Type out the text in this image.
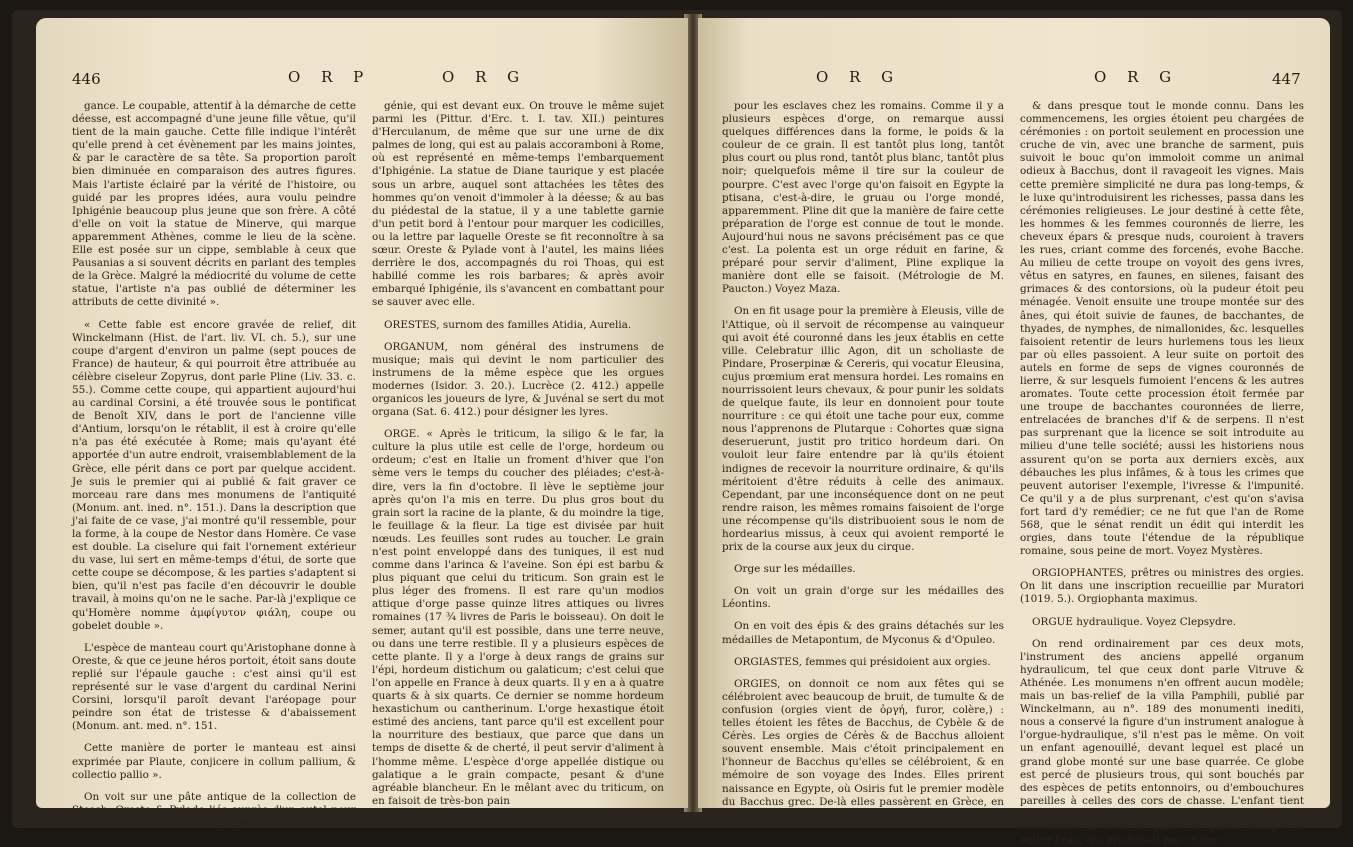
446	O R P	O R G

gance. Le coupable, attentif à la démarche de cette déesse, est accompagné d'une jeune fille vêtue, qu'il tient de la main gauche. Cette fille indique l'intérêt qu'elle prend à cet évènement par les mains jointes, & par le caractère de sa tête. Sa proportion paroît bien diminuée en comparaison des autres figures. Mais l'artiste éclairé par la vérité de l'histoire, ou guidé par les propres idées, aura voulu peindre Iphigénie beaucoup plus jeune que son frère. A côté d'elle on voit la statue de Minerve, qui marque apparemment Athènes, comme le lieu de la scène. Elle est posée sur un cippe, semblable à ceux que Pausanias a si souvent décrits en parlant des temples de la Grèce. Malgré la médiocrité du volume de cette statue, l'artiste n'a pas oublié de déterminer les attributs de cette divinité ».

« Cette fable est encore gravée de relief, dit Winckelmann (Hist. de l'art. liv. VI. ch. 5.), sur une coupe d'argent d'environ un palme (sept pouces de France) de hauteur, & qui pourroit être attribuée au célèbre ciseleur Zopyrus, dont parle Pline (Liv. 33. c. 55.). Comme cette coupe, qui appartient aujourd'hui au cardinal Corsini, a été trouvée sous le pontificat de Benoît XIV, dans le port de l'ancienne ville d'Antium, lorsqu'on le rétablit, il est à croire qu'elle n'a pas été exécutée à Rome; mais qu'ayant été apportée d'un autre endroit, vraisemblablement de la Grèce, elle périt dans ce port par quelque accident. Je suis le premier qui ai publié & fait graver ce morceau rare dans mes monumens de l'antiquité (Monum. ant. ined. n°. 151.). Dans la description que j'ai faite de ce vase, j'ai montré qu'il ressemble, pour la forme, à la coupe de Nestor dans Homère. Ce vase est double. La ciselure qui fait l'ornement extérieur du vase, lui sert en même-temps d'étui, de sorte que cette coupe se décompose, & les parties s'adaptent si bien, qu'il n'est pas facile d'en découvrir le double travail, à moins qu'on ne le sache. Par-là j'explique ce qu'Homère nomme ἀμφίγυτον φιάλη, coupe ou gobelet double ».

L'espèce de manteau court qu'Aristophane donne à Oreste, & que ce jeune héros portoit, étoit sans doute replié sur l'épaule gauche : c'est ainsi qu'il est représenté sur le vase d'argent du cardinal Nerini Corsini, lorsqu'il paroît devant l'aréopage pour peindre son état de tristesse & d'abaissement (Monum. ant. med. n°. 151.

Cette manière de porter le manteau est ainsi exprimée par Plaute, conjicere in collum pallium, & collectio pallio ».

On voit sur une pâte antique de la collection de Stosch, Oreste & Pylade liés auprès d'un autel pour être sacrifiés à Diane taurique par Iphi-

génie, qui est devant eux. On trouve le même sujet parmi les (Pittur. d'Erc. t. I. tav. XII.) peintures d'Herculanum, de même que sur une urne de dix palmes de long, qui est au palais accoramboni à Rome, où est représenté en même-temps l'embarquement d'Iphigénie. La statue de Diane taurique y est placée sous un arbre, auquel sont attachées les têtes des hommes qu'on venoit d'immoler à la déesse; & au bas du piédestal de la statue, il y a une tablette garnie d'un petit bord à l'entour pour marquer les codicilles, ou la lettre par laquelle Oreste se fit reconnoître à sa sœur. Oreste & Pylade vont à l'autel, les mains liées derrière le dos, accompagnés du roi Thoas, qui est habillé comme les rois barbares; & après avoir embarqué Iphigénie, ils s'avancent en combattant pour se sauver avec elle.

ORESTES, surnom des familles Atidia, Aurelia.

ORGANUM, nom général des instrumens de musique; mais qui devint le nom particulier des instrumens de la même espèce que les orgues modernes (Isidor. 3. 20.). Lucrèce (2. 412.) appelle organicos les joueurs de lyre, & Juvénal se sert du mot organa (Sat. 6. 412.) pour désigner les lyres.

ORGE. « Après le triticum, la siligo & le far, la culture la plus utile est celle de l'orge, hordeum ou ordeum; c'est en Italie un froment d'hiver que l'on sème vers le temps du coucher des pléiades; c'est-à-dire, vers la fin d'octobre. Il lève le septième jour après qu'on l'a mis en terre. Du plus gros bout du grain sort la racine de la plante, & du moindre la tige, le feuillage & la fleur. La tige est divisée par huit nœuds. Les feuilles sont rudes au toucher. Le grain n'est point enveloppé dans des tuniques, il est nud comme dans l'arinca & l'aveine. Son épi est barbu & plus piquant que celui du triticum. Son grain est le plus léger des fromens. Il est rare qu'un modios attique d'orge passe quinze litres attiques ou livres romaines (17 ¾ livres de Paris le boisseau). On doit le semer, autant qu'il est possible, dans une terre neuve, ou dans une terre restible. Il y a plusieurs espèces de cette plante. Il y a l'orge à deux rangs de grains sur l'épi, hordeum distichum ou galaticum; c'est celui que l'on appelle en France à deux quarts. Il y en a à quatre quarts & à six quarts. Ce dernier se nomme hordeum hexastichum ou cantherinum. L'orge hexastique étoit estimé des anciens, tant parce qu'il est excellent pour la nourriture des bestiaux, que parce que dans un temps de disette & de cherté, il peut servir d'aliment à l'homme même. L'espèce d'orge appellée distique ou galatique a le grain compacte, pesant & d'une agréable blancheur. En le mêlant avec du triticum, on en faisoit de très-bon pain

O R G	O R G	447

pour les esclaves chez les romains. Comme il y a plusieurs espèces d'orge, on remarque aussi quelques différences dans la forme, le poids & la couleur de ce grain. Il est tantôt plus long, tantôt plus court ou plus rond, tantôt plus blanc, tantôt plus noir; quelquefois même il tire sur la couleur de pourpre. C'est avec l'orge qu'on faisoit en Egypte la ptisana, c'est-à-dire, le gruau ou l'orge mondé, apparemment. Pline dit que la manière de faire cette préparation de l'orge est connue de tout le monde. Aujourd'hui nous ne savons précisément pas ce que c'est. La polenta est un orge réduit en farine, & préparé pour servir d'aliment, Pline explique la manière dont elle se faisoit. (Métrologie de M. Paucton.) Voyez Maza.

On en fit usage pour la première à Eleusis, ville de l'Attique, où il servoit de récompense au vainqueur qui avoit été couronné dans les jeux établis en cette ville. Celebratur illic Agon, dit un scholiaste de Pindare, Proserpinæ & Cereris, qui vocatur Eleusina, cujus prœmium erat mensura hordei. Les romains en nourrissoient leurs chevaux, & pour punir les soldats de quelque faute, ils leur en donnoient pour toute nourriture : ce qui étoit une tache pour eux, comme nous l'apprenons de Plutarque : Cohortes quæ signa deseruerunt, justit pro tritico hordeum dari. On vouloit leur faire entendre par là qu'ils étoient indignes de recevoir la nourriture ordinaire, & qu'ils méritoient d'être réduits à celle des animaux. Cependant, par une inconséquence dont on ne peut rendre raison, les mêmes romains faisoient de l'orge une récompense qu'ils distribuoient sous le nom de hordearius missus, à ceux qui avoient remporté le prix de la course aux jeux du cirque.

Orge sur les médailles.

On voit un grain d'orge sur les médailles des Léontins.

On en voit des épis & des grains détachés sur les médailles de Metapontum, de Myconus & d'Opuleo.

ORGIASTES, femmes qui présidoient aux orgies.

ORGIES, on donnoit ce nom aux fêtes qui se célébroient avec beaucoup de bruit, de tumulte & de confusion (orgies vient de ὀργή, furor, colère,) : telles étoient les fêtes de Bacchus, de Cybèle & de Cérès. Les orgies de Cérès & de Bacchus alloient souvent ensemble. Mais c'étoit principalement en l'honneur de Bacchus qu'elles se célébroient, & en mémoire de son voyage des Indes. Elles prirent naissance en Egypte, où Osiris fut le premier modèle du Bacchus grec. De-là elles passèrent en Grèce, en Italie, chez les gaulois,

& dans presque tout le monde connu. Dans les commencemens, les orgies étoient peu chargées de cérémonies : on portoit seulement en procession une cruche de vin, avec une branche de sarment, puis suivoit le bouc qu'on immoloit comme un animal odieux à Bacchus, dont il ravageoit les vignes. Mais cette première simplicité ne dura pas long-temps, & le luxe qu'introduisirent les richesses, passa dans les cérémonies religieuses. Le jour destiné à cette fête, les hommes & les femmes couronnés de lierre, les cheveux épars & presque nuds, couroient à travers les rues, criant comme des forcenés, evohe Bacche. Au milieu de cette troupe on voyoit des gens ivres, vêtus en satyres, en faunes, en silenes, faisant des grimaces & des contorsions, où la pudeur étoit peu ménagée. Venoit ensuite une troupe montée sur des ânes, qui étoit suivie de faunes, de bacchantes, de thyades, de nymphes, de nimallonides, &c. lesquelles faisoient retentir de leurs hurlemens tous les lieux par où elles passoient. A leur suite on portoit des autels en forme de seps de vignes couronnés de lierre, & sur lesquels fumoient l'encens & les autres aromates. Toute cette procession étoit fermée par une troupe de bacchantes couronnées de lierre, entrelacées de branches d'if & de serpens. Il n'est pas surprenant que la licence se soit introduite au milieu d'une telle société; aussi les historiens nous assurent qu'on se porta aux derniers excès, aux débauches les plus infâmes, & à tous les crimes que peuvent autoriser l'exemple, l'ivresse & l'impunité. Ce qu'il y a de plus surprenant, c'est qu'on s'avisa fort tard d'y remédier; ce ne fut que l'an de Rome 568, que le sénat rendit un édit qui interdit les orgies, dans toute l'étendue de la république romaine, sous peine de mort. Voyez Mystères.

ORGIOPHANTES, prêtres ou ministres des orgies. On lit dans une inscription recueillie par Muratori (1019. 5.). Orgiophanta maximus.

ORGUE hydraulique. Voyez Clepsydre.

On rend ordinairement par ces deux mots, l'instrument des anciens appellé organum hydraulicum, tel que ceux dont parle Vitruve & Athénée. Les monumens n'en offrent aucun modèle; mais un bas-relief de la villa Pamphili, publié par Winckelmann, au n°. 189 des monumenti inediti, nous a conservé la figure d'un instrument analogue à l'orgue-hydraulique, s'il n'est pas le même. On voit un enfant agenouillé, devant lequel est placé un grand globe monté sur une base quarrée. Ce globe est percé de plusieurs trous, qui sont bouchés par des espèces de petits entonnoirs, ou d'embouchures pareilles à celles des cors de chasse. L'enfant tient un de ces petits tubes de la main gauche. La droite est cachée derrière le globe, & paroît occupée à agiter l'eau, qui produisoit par ce mou-
